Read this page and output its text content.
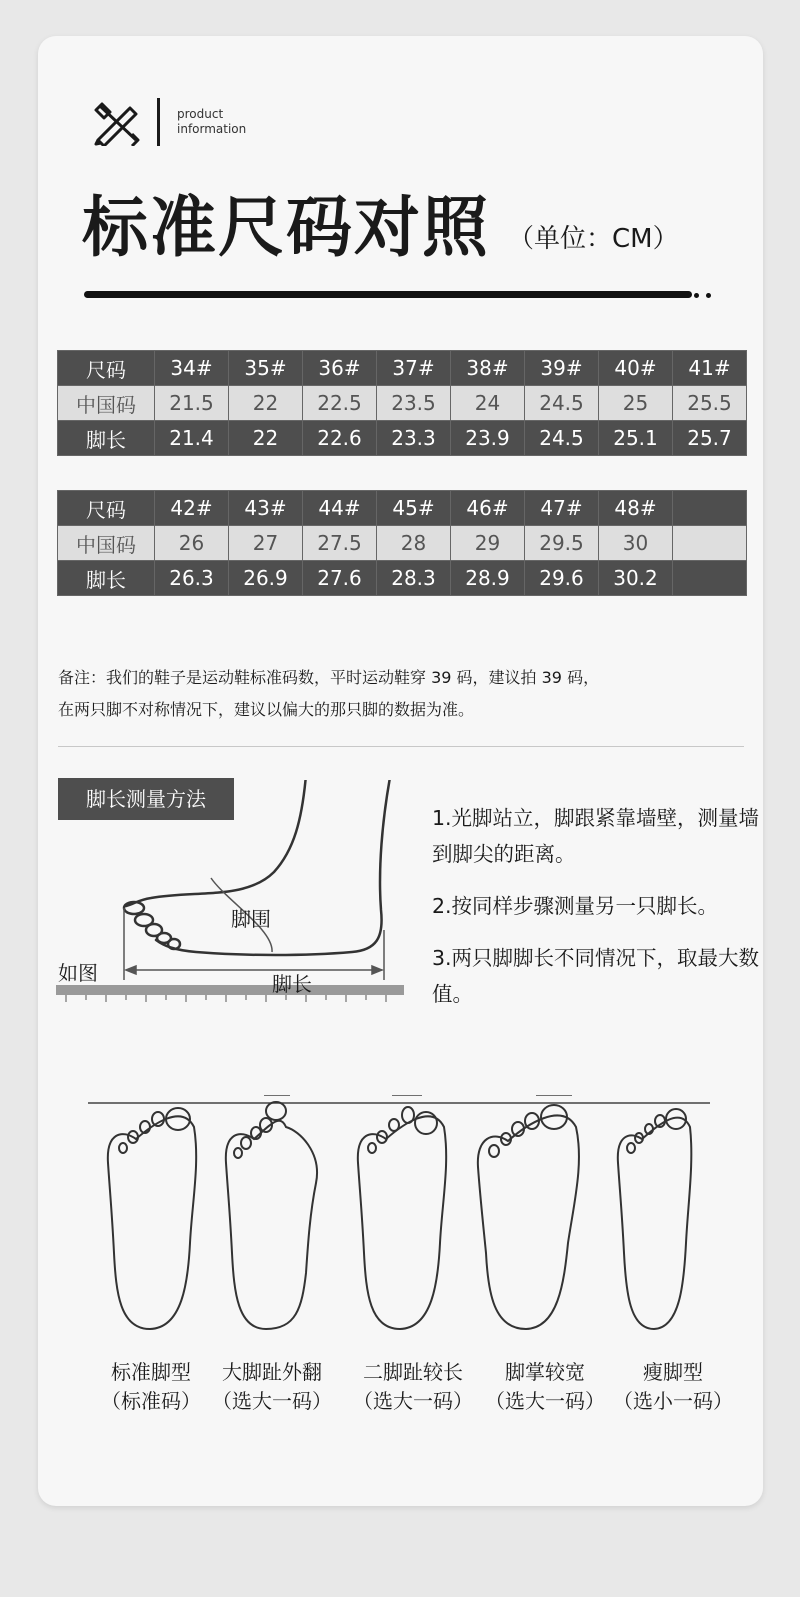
product
information
标准尺码对照 （单位：CM）
尺码	34#	35#	36#	37#	38#	39#	40#	41#
中国码	21.5	22	22.5	23.5	24	24.5	25	25.5
脚长	21.4	22	22.6	23.3	23.9	24.5	25.1	25.7
尺码	42#	43#	44#	45#	46#	47#	48#	
中国码	26	27	27.5	28	29	29.5	30	
脚长	26.3	26.9	27.6	28.3	28.9	29.6	30.2	
备注：我们的鞋子是运动鞋标准码数，平时运动鞋穿 39 码，建议拍 39 码，
在两只脚不对称情况下，建议以偏大的那只脚的数据为准。
脚长测量方法
如图
脚围
脚长

1.光脚站立，脚跟紧靠墙壁，测量墙到脚尖的距离。

2.按同样步骤测量另一只脚长。

3.两只脚脚长不同情况下，取最大数值。

标准脚型
（标准码）
大脚趾外翻
（选大一码）
二脚趾较长
（选大一码）
脚掌较宽
（选大一码）
瘦脚型
（选小一码）
